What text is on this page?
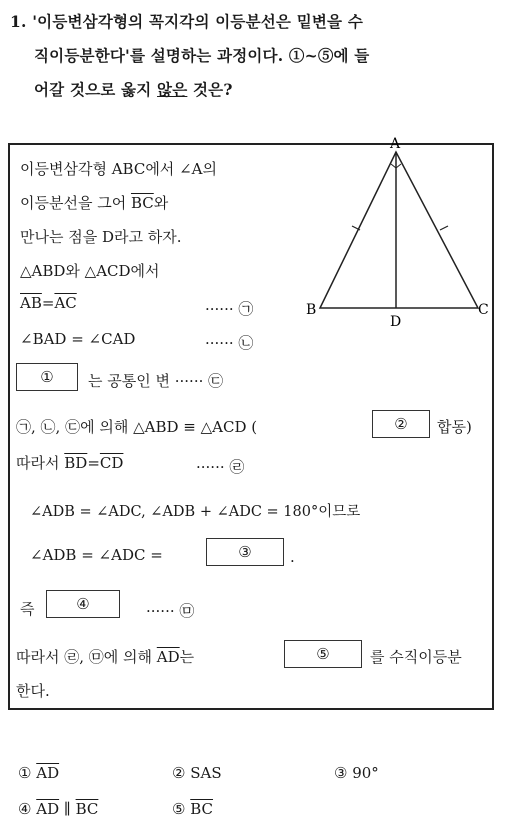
1. '이등변삼각형의 꼭지각의 이등분선은 밑변을 수
직이등분한다'를 설명하는 과정이다. ①~⑤에 들
어갈 것으로 옳지 않은 것은?
A
B	C
D
이등변삼각형 ABC에서 ∠A의
이등분선을 그어 $\overline{BC}$와
만나는 점을 D라고 하자.
△ABD와 △ACD에서
$\overline{AB}=\overline{AC}$	······ ㉠
∠BAD = ∠CAD	······ ㉡
①	는 공통인 변 ······ ㉢
㉠, ㉡, ㉢에 의해 △ABD ≡ △ACD (	②	합동)
따라서 $\overline{BD}=\overline{CD}$	······ ㉣
∠ADB = ∠ADC, ∠ADB + ∠ADC = 180°이므로
∠ADB = ∠ADC =	③	.
즉	④	······ ㉤
따라서 ㉣, ㉤에 의해 $\overline{AD}$는	⑤	를 수직이등분
한다.
① $\overline{AD}$	② SAS	③ 90°
④ $\overline{AD}$ ∥ $\overline{BC}$	⑤ $\overline{BC}$
